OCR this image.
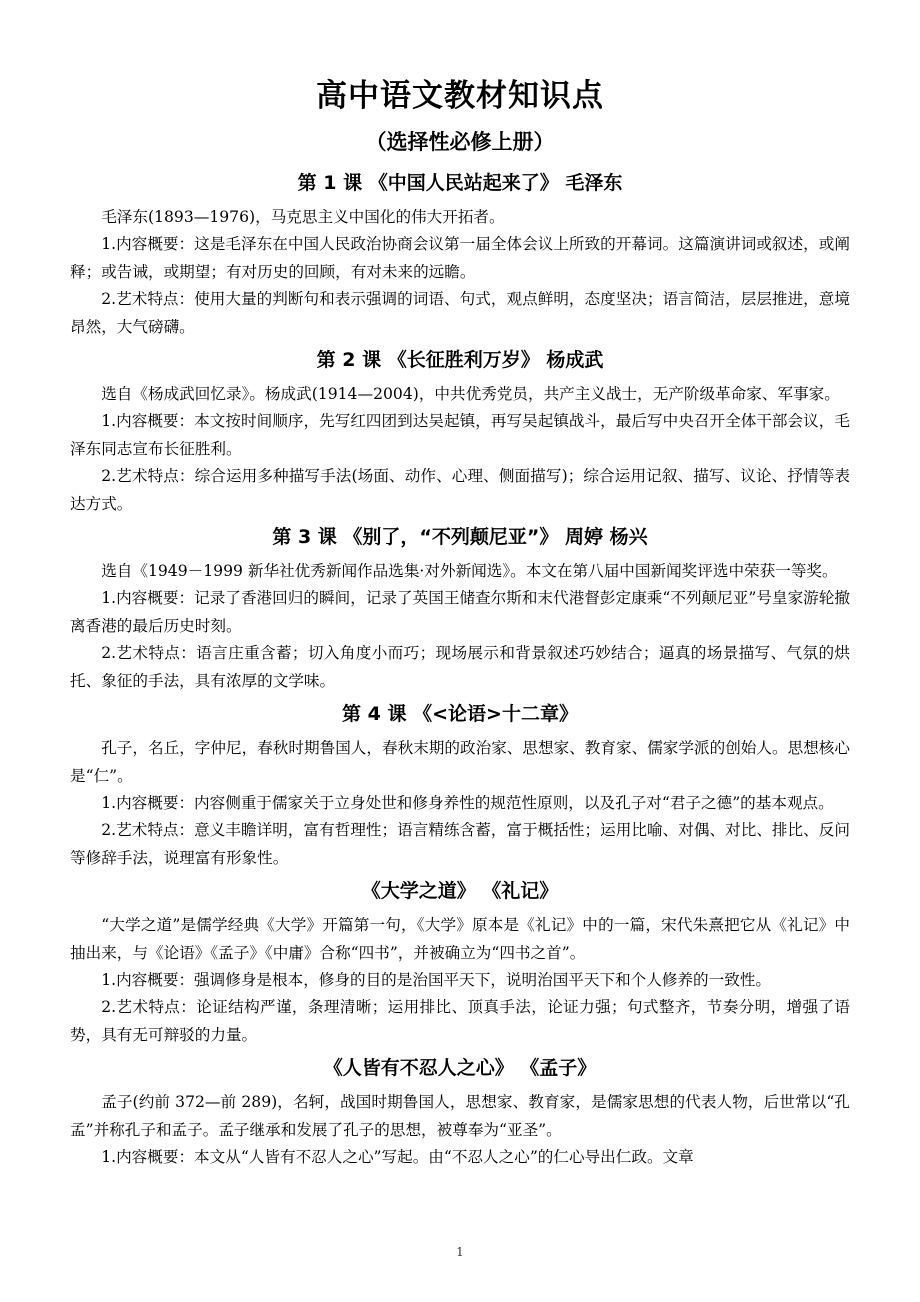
高中语文教材知识点
（选择性必修上册）
第 1 课 《中国人民站起来了》 毛泽东

毛泽东(1893—1976)，马克思主义中国化的伟大开拓者。

1.内容概要：这是毛泽东在中国人民政治协商会议第一届全体会议上所致的开幕词。这篇演讲词或叙述，或阐释；或告诫，或期望；有对历史的回顾，有对未来的远瞻。

2.艺术特点：使用大量的判断句和表示强调的词语、句式，观点鲜明，态度坚决；语言简洁，层层推进，意境昂然，大气磅礴。

第 2 课 《长征胜利万岁》 杨成武

选自《杨成武回忆录》。杨成武(1914—2004)，中共优秀党员，共产主义战士，无产阶级革命家、军事家。

1.内容概要：本文按时间顺序，先写红四团到达吴起镇，再写吴起镇战斗，最后写中央召开全体干部会议，毛泽东同志宣布长征胜利。

2.艺术特点：综合运用多种描写手法(场面、动作、心理、侧面描写)；综合运用记叙、描写、议论、抒情等表达方式。

第 3 课 《别了，“不列颠尼亚”》 周婷 杨兴

选自《1949－1999 新华社优秀新闻作品选集·对外新闻选》。本文在第八届中国新闻奖评选中荣获一等奖。

1.内容概要：记录了香港回归的瞬间，记录了英国王储查尔斯和末代港督彭定康乘“不列颠尼亚”号皇家游轮撤离香港的最后历史时刻。

2.艺术特点：语言庄重含蓄；切入角度小而巧；现场展示和背景叙述巧妙结合；逼真的场景描写、气氛的烘托、象征的手法，具有浓厚的文学味。

第 4 课 《<论语>十二章》

孔子，名丘，字仲尼，春秋时期鲁国人，春秋末期的政治家、思想家、教育家、儒家学派的创始人。思想核心是“仁”。

1.内容概要：内容侧重于儒家关于立身处世和修身养性的规范性原则，以及孔子对“君子之德”的基本观点。

2.艺术特点：意义丰瞻详明，富有哲理性；语言精练含蓄，富于概括性；运用比喻、对偶、对比、排比、反问等修辞手法，说理富有形象性。

《大学之道》 《礼记》

“大学之道”是儒学经典《大学》开篇第一句，《大学》原本是《礼记》中的一篇，宋代朱熹把它从《礼记》中抽出来，与《论语》《孟子》《中庸》合称“四书”，并被确立为“四书之首”。

1.内容概要：强调修身是根本，修身的目的是治国平天下，说明治国平天下和个人修养的一致性。

2.艺术特点：论证结构严谨，条理清晰；运用排比、顶真手法，论证力强；句式整齐，节奏分明，增强了语势，具有无可辩驳的力量。

《人皆有不忍人之心》 《孟子》

孟子(约前 372—前 289)，名轲，战国时期鲁国人，思想家、教育家，是儒家思想的代表人物，后世常以“孔孟”并称孔子和孟子。孟子继承和发展了孔子的思想，被尊奉为“亚圣”。

1.内容概要：本文从“人皆有不忍人之心”写起。由“不忍人之心”的仁心导出仁政。文章

1
